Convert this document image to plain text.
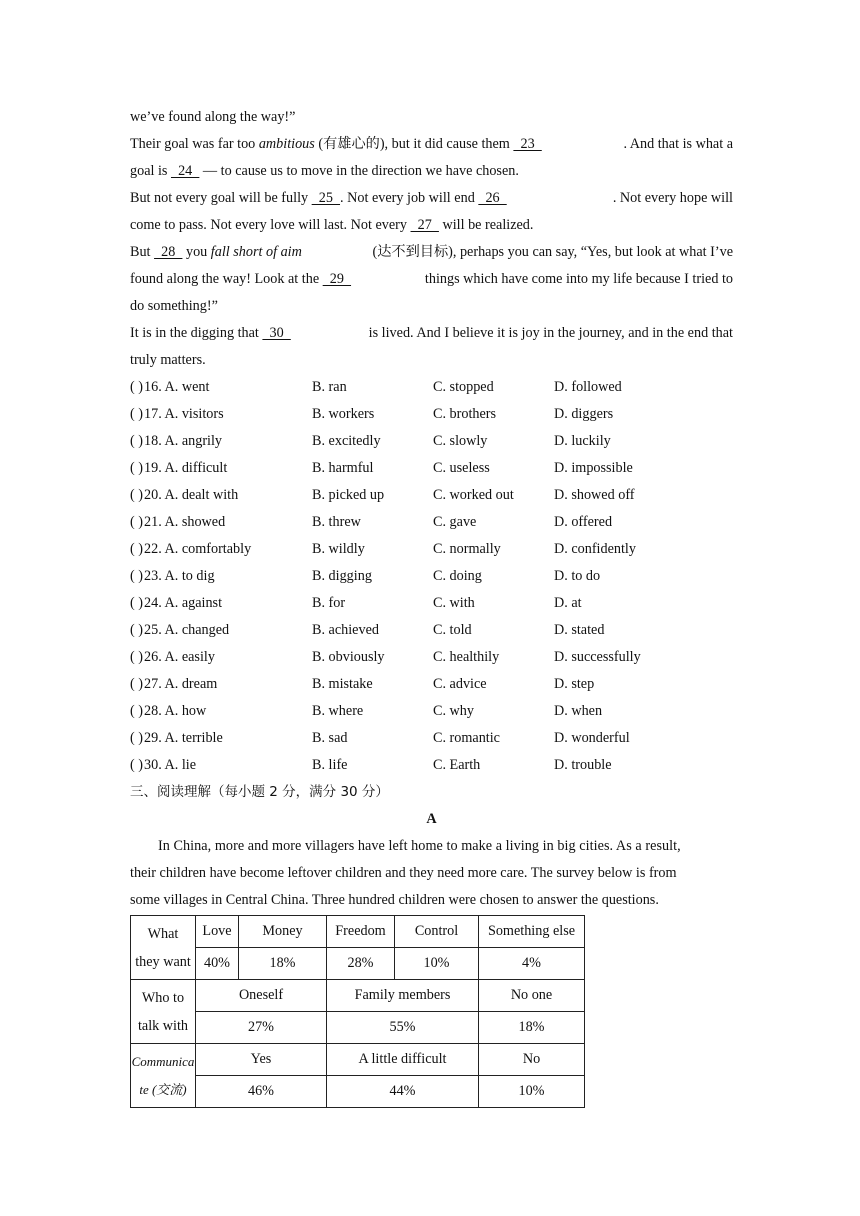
we’ve found along the way!”
Their goal was far too ambitious (有雄心的), but it did cause them   23	. And that is what a
goal is   24   — to cause us to move in the direction we have chosen.
But not every goal will be fully   25  . Not every job will end   26	. Not every hope will
come to pass. Not every love will last. Not every   27   will be realized.
But   28   you fall short of aim	(达不到目标), perhaps you can say, “Yes, but look at what I’ve
found along the way! Look at the   29	things which have come into my life because I tried to
do something!”
It is in the digging that   30	is lived. And I believe it is joy in the journey, and in the end that
truly matters.
( ) 16. A. went	B. ran	C. stopped	D. followed
( ) 17. A. visitors	B. workers	C. brothers	D. diggers
( ) 18. A. angrily	B. excitedly	C. slowly	D. luckily
( ) 19. A. difficult	B. harmful	C. useless	D. impossible
( ) 20. A. dealt with	B. picked up	C. worked out	D. showed off
( ) 21. A. showed	B. threw	C. gave	D. offered
( ) 22. A. comfortably	B. wildly	C. normally	D. confidently
( ) 23. A. to dig	B. digging	C. doing	D. to do
( ) 24. A. against	B. for	C. with	D. at
( ) 25. A. changed	B. achieved	C. told	D. stated
( ) 26. A. easily	B. obviously	C. healthily	D. successfully
( ) 27. A. dream	B. mistake	C. advice	D. step
( ) 28. A. how	B. where	C. why	D. when
( ) 29. A. terrible	B. sad	C. romantic	D. wonderful
( ) 30. A. lie	B. life	C. Earth	D. trouble
三、阅读理解（每小题 2 分，满分 30 分）
A
In China, more and more villagers have left home to make a living in big cities. As a result,
their children have become leftover children and they need more care. The survey below is from
some villages in Central China. Three hundred children were chosen to answer the questions.
What
they want	Love	Money	Freedom	Control	Something else
	40%	18%	28%	10%	4%
Who to
talk with	Oneself		Family members		No one
	27%		55%		18%
Communica
te (交流)	Yes		A little difficult		No
	46%		44%		10%
